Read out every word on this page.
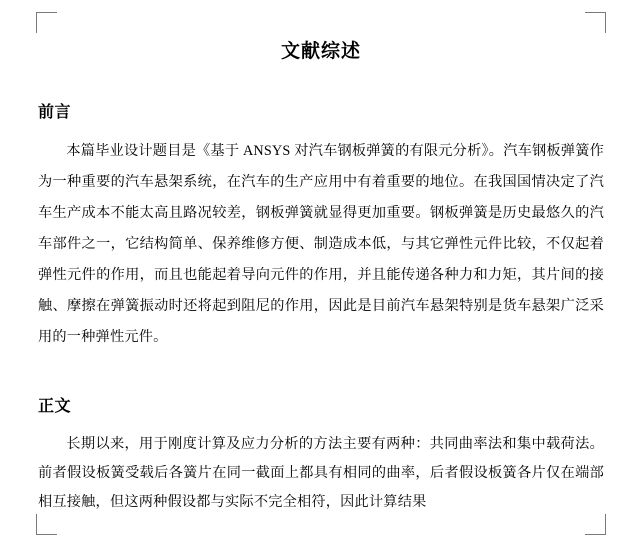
文献综述
前言

本篇毕业设计题目是《基于 ANSYS 对汽车钢板弹簧的有限元分析》。汽车钢板弹簧作为一种重要的汽车悬架系统，在汽车的生产应用中有着重要的地位。在我国国情决定了汽车生产成本不能太高且路况较差，钢板弹簧就显得更加重要。钢板弹簧是历史最悠久的汽车部件之一，它结构简单、保养维修方便、制造成本低，与其它弹性元件比较，不仅起着弹性元件的作用，而且也能起着导向元件的作用，并且能传递各种力和力矩，其片间的接触、摩擦在弹簧振动时还将起到阻尼的作用，因此是目前汽车悬架特别是货车悬架广泛采用的一种弹性元件。

正文

长期以来，用于刚度计算及应力分析的方法主要有两种：共同曲率法和集中载荷法。前者假设板簧受载后各簧片在同一截面上都具有相同的曲率，后者假设板簧各片仅在端部相互接触，但这两种假设都与实际不完全相符，因此计算结果
